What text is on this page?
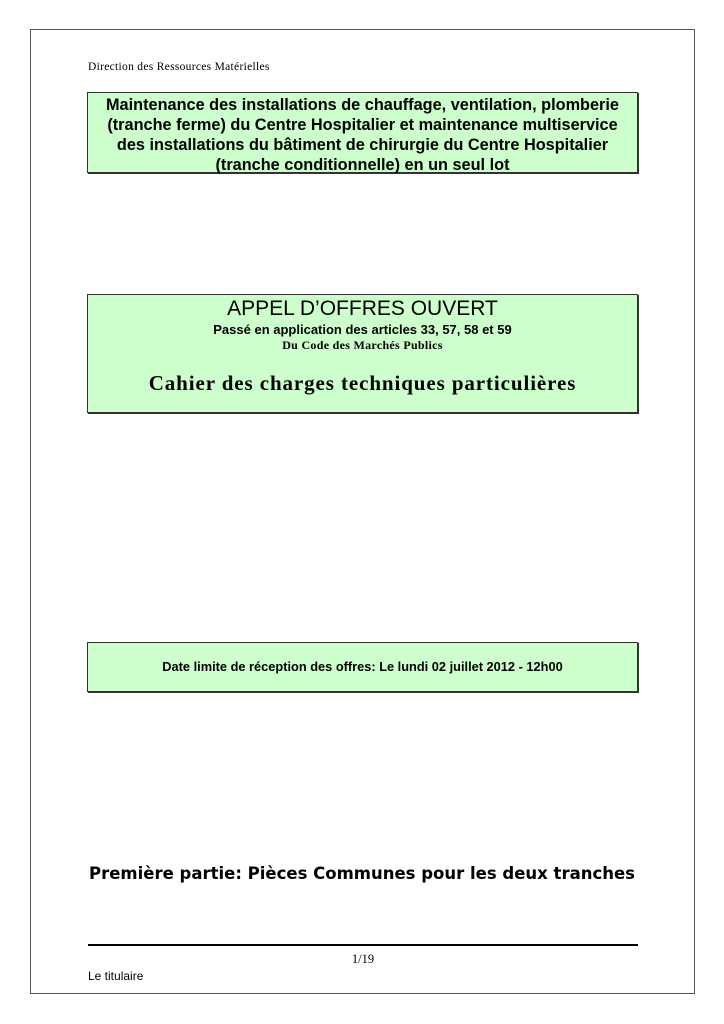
Direction des Ressources Matérielles
Maintenance des installations de chauffage, ventilation, plomberie
(tranche ferme) du Centre Hospitalier et maintenance multiservice
des installations du bâtiment de chirurgie du Centre Hospitalier
(tranche conditionnelle) en un seul lot
APPEL D’OFFRES OUVERT
Passé en application des articles 33, 57, 58 et 59
Du Code des Marchés Publics
Cahier des charges techniques particulières
Date limite de réception des offres: Le lundi 02 juillet 2012 - 12h00
Première partie: Pièces Communes pour les deux tranches
1/19
Le titulaire
